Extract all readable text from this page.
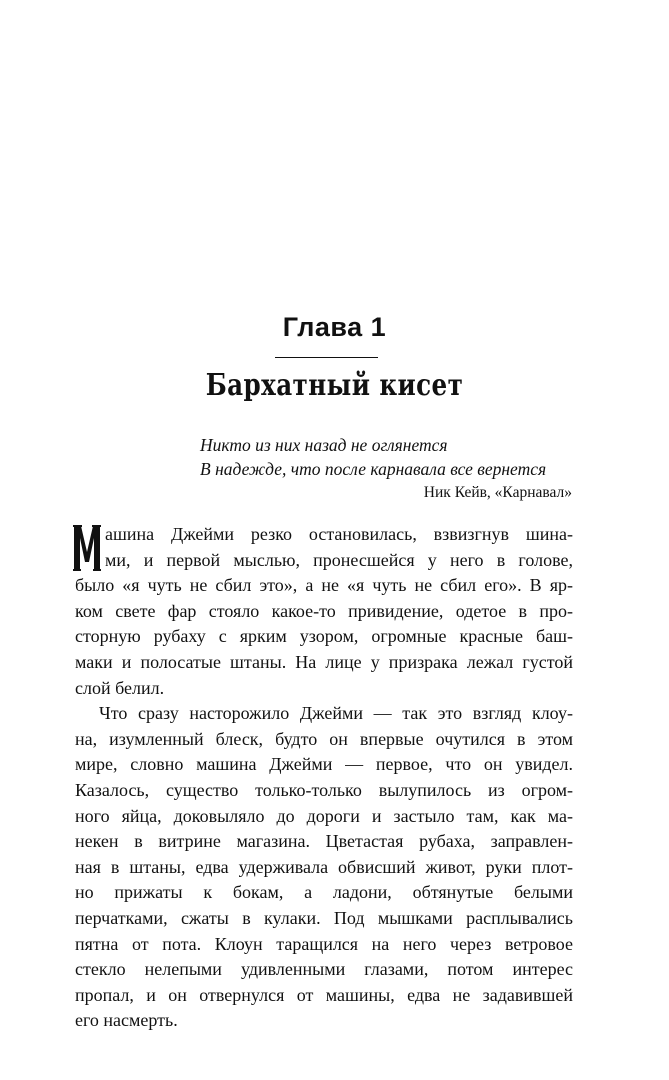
Глава 1
Бархатный кисет
Никто из них назад не оглянется
В надежде, что после карнавала все вернется
Ник Кейв, «Карнавал»
ашина Джейми резко остановилась, взвизгнув шина-
ми, и первой мыслью, пронесшейся у него в голове,
было «я чуть не сбил это», а не «я чуть не сбил его». В яр-
ком свете фар стояло какое-то привидение, одетое в про-
сторную рубаху с ярким узором, огромные красные баш-
маки и полосатые штаны. На лице у призрака лежал густой
слой белил.
Что сразу насторожило Джейми — так это взгляд клоу-
на, изумленный блеск, будто он впервые очутился в этом
мире, словно машина Джейми — первое, что он увидел.
Казалось, существо только-только вылупилось из огром-
ного яйца, доковыляло до дороги и застыло там, как ма-
некен в витрине магазина. Цветастая рубаха, заправлен-
ная в штаны, едва удерживала обвисший живот, руки плот-
но прижаты к бокам, а ладони, обтянутые белыми
перчатками, сжаты в кулаки. Под мышками расплывались
пятна от пота. Клоун таращился на него через ветровое
стекло нелепыми удивленными глазами, потом интерес
пропал, и он отвернулся от машины, едва не задавившей
его насмерть.
